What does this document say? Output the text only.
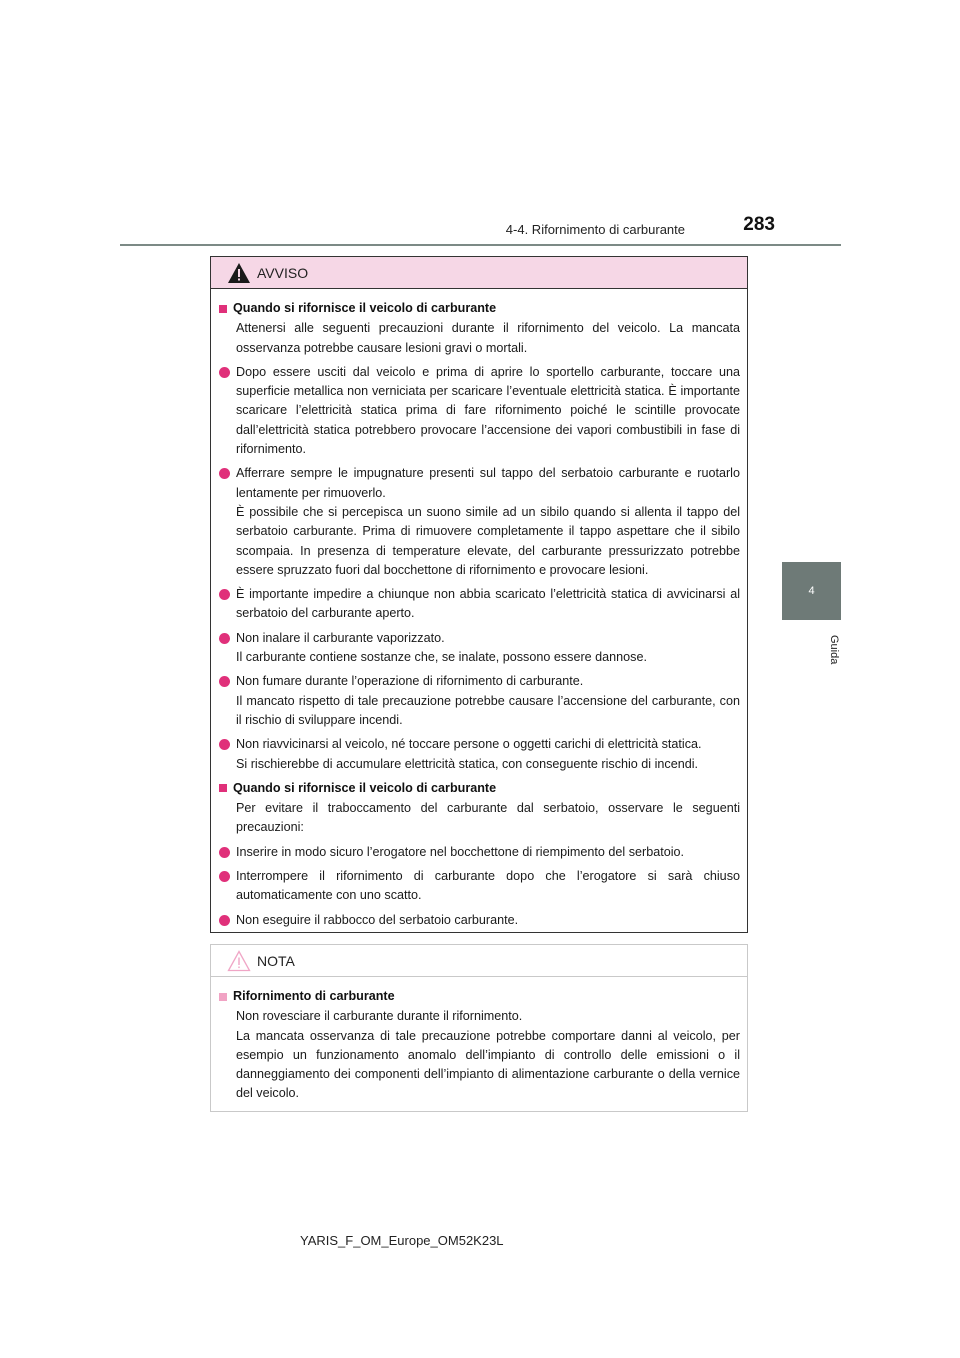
4-4. Rifornimento di carburante	283
4
Guida
AVVISO
Quando si rifornisce il veicolo di carburante
Attenersi alle seguenti precauzioni durante il rifornimento del veicolo. La mancata osservanza potrebbe causare lesioni gravi o mortali.
Dopo essere usciti dal veicolo e prima di aprire lo sportello carburante, toccare una superficie metallica non verniciata per scaricare l’eventuale elettricità statica. È importante scaricare l’elettricità statica prima di fare rifornimento poiché le scintille provocate dall’elettricità statica potrebbero provocare l’accensione dei vapori combustibili in fase di rifornimento.
Afferrare sempre le impugnature presenti sul tappo del serbatoio carburante e ruotarlo lentamente per rimuoverlo.
È possibile che si percepisca un suono simile ad un sibilo quando si allenta il tappo del serbatoio carburante. Prima di rimuovere completamente il tappo aspettare che il sibilo scompaia. In presenza di temperature elevate, del carburante pressurizzato potrebbe essere spruzzato fuori dal bocchettone di rifornimento e provocare lesioni.
È importante impedire a chiunque non abbia scaricato l’elettricità statica di avvicinarsi al serbatoio del carburante aperto.
Non inalare il carburante vaporizzato.
Il carburante contiene sostanze che, se inalate, possono essere dannose.
Non fumare durante l’operazione di rifornimento di carburante.
Il mancato rispetto di tale precauzione potrebbe causare l’accensione del carburante, con il rischio di sviluppare incendi.
Non riavvicinarsi al veicolo, né toccare persone o oggetti carichi di elettricità statica.
Si rischierebbe di accumulare elettricità statica, con conseguente rischio di incendi.
Quando si rifornisce il veicolo di carburante
Per evitare il traboccamento del carburante dal serbatoio, osservare le seguenti precauzioni:
Inserire in modo sicuro l’erogatore nel bocchettone di riempimento del serbatoio.
Interrompere il rifornimento di carburante dopo che l’erogatore si sarà chiuso automaticamente con uno scatto.
Non eseguire il rabbocco del serbatoio carburante.
NOTA
Rifornimento di carburante
Non rovesciare il carburante durante il rifornimento.
La mancata osservanza di tale precauzione potrebbe comportare danni al veicolo, per esempio un funzionamento anomalo dell’impianto di controllo delle emissioni o il danneggiamento dei componenti dell’impianto di alimentazione carburante o della vernice del veicolo.
YARIS_F_OM_Europe_OM52K23L
